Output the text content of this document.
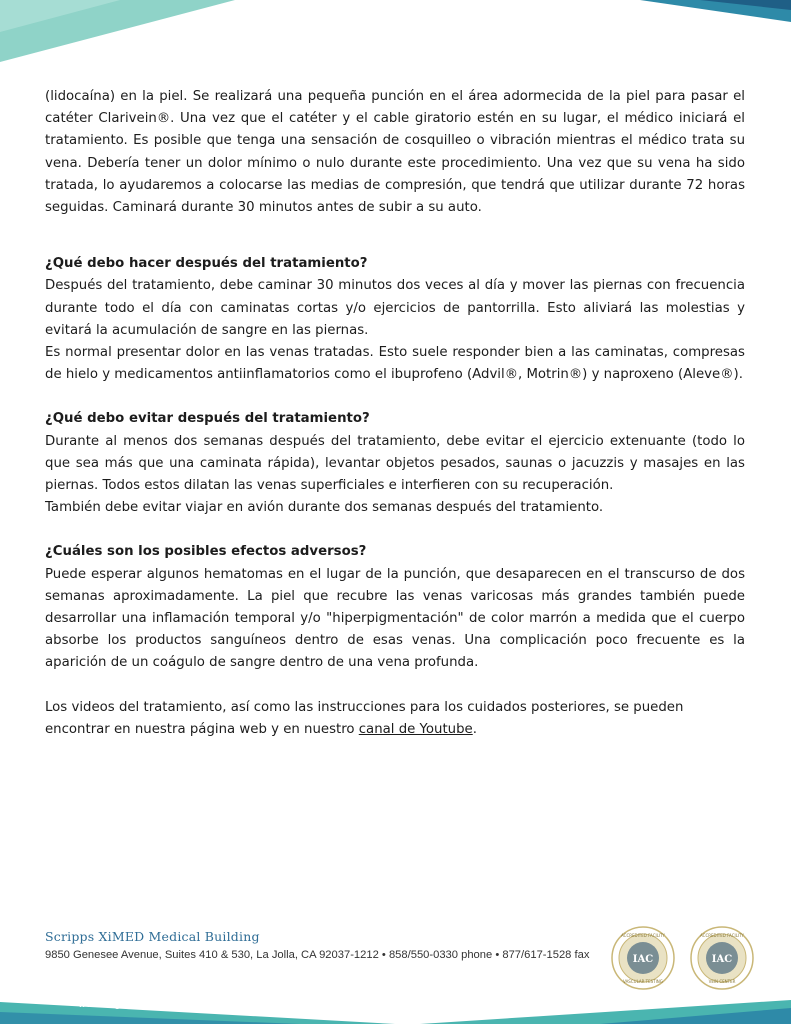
(lidocaína) en la piel. Se realizará una pequeña punción en el área adormecida de la piel para pasar el catéter Clarivein®. Una vez que el catéter y el cable giratorio estén en su lugar, el médico iniciará el tratamiento. Es posible que tenga una sensación de cosquilleo o vibración mientras el médico trata su vena. Debería tener un dolor mínimo o nulo durante este procedimiento. Una vez que su vena ha sido tratada, lo ayudaremos a colocarse las medias de compresión, que tendrá que utilizar durante 72 horas seguidas. Caminará durante 30 minutos antes de subir a su auto.

¿Qué debo hacer después del tratamiento?

Después del tratamiento, debe caminar 30 minutos dos veces al día y mover las piernas con frecuencia durante todo el día con caminatas cortas y/o ejercicios de pantorrilla. Esto aliviará las molestias y evitará la acumulación de sangre en las piernas.

Es normal presentar dolor en las venas tratadas. Esto suele responder bien a las caminatas, compresas de hielo y medicamentos antiinflamatorios como el ibuprofeno (Advil®, Motrin®) y naproxeno (Aleve®).

¿Qué debo evitar después del tratamiento?

Durante al menos dos semanas después del tratamiento, debe evitar el ejercicio extenuante (todo lo que sea más que una caminata rápida), levantar objetos pesados, saunas o jacuzzis y masajes en las piernas. Todos estos dilatan las venas superficiales e interfieren con su recuperación.

También debe evitar viajar en avión durante dos semanas después del tratamiento.

¿Cuáles son los posibles efectos adversos?

Puede esperar algunos hematomas en el lugar de la punción, que desaparecen en el transcurso de dos semanas aproximadamente. La piel que recubre las venas varicosas más grandes también puede desarrollar una inflamación temporal y/o "hiperpigmentación" de color marrón a medida que el cuerpo absorbe los productos sanguíneos dentro de esas venas. Una complicación poco frecuente es la aparición de un coágulo de sangre dentro de una vena profunda.

Los videos del tratamiento, así como las instrucciones para los cuidados posteriores, se pueden encontrar en nuestra página web y en nuestro canal de Youtube.

Scripps XiMED Medical Building
9850 Genesee Avenue, Suites 410 & 530, La Jolla, CA 92037-1212 • 858/550-0330 phone • 877/617-1528 fax	IAC
ACCREDITED FACILITY
VASCULAR TESTING
IAC
ACCREDITED FACILITY
VEIN CENTER
www.LaJollaVeinCare.com
